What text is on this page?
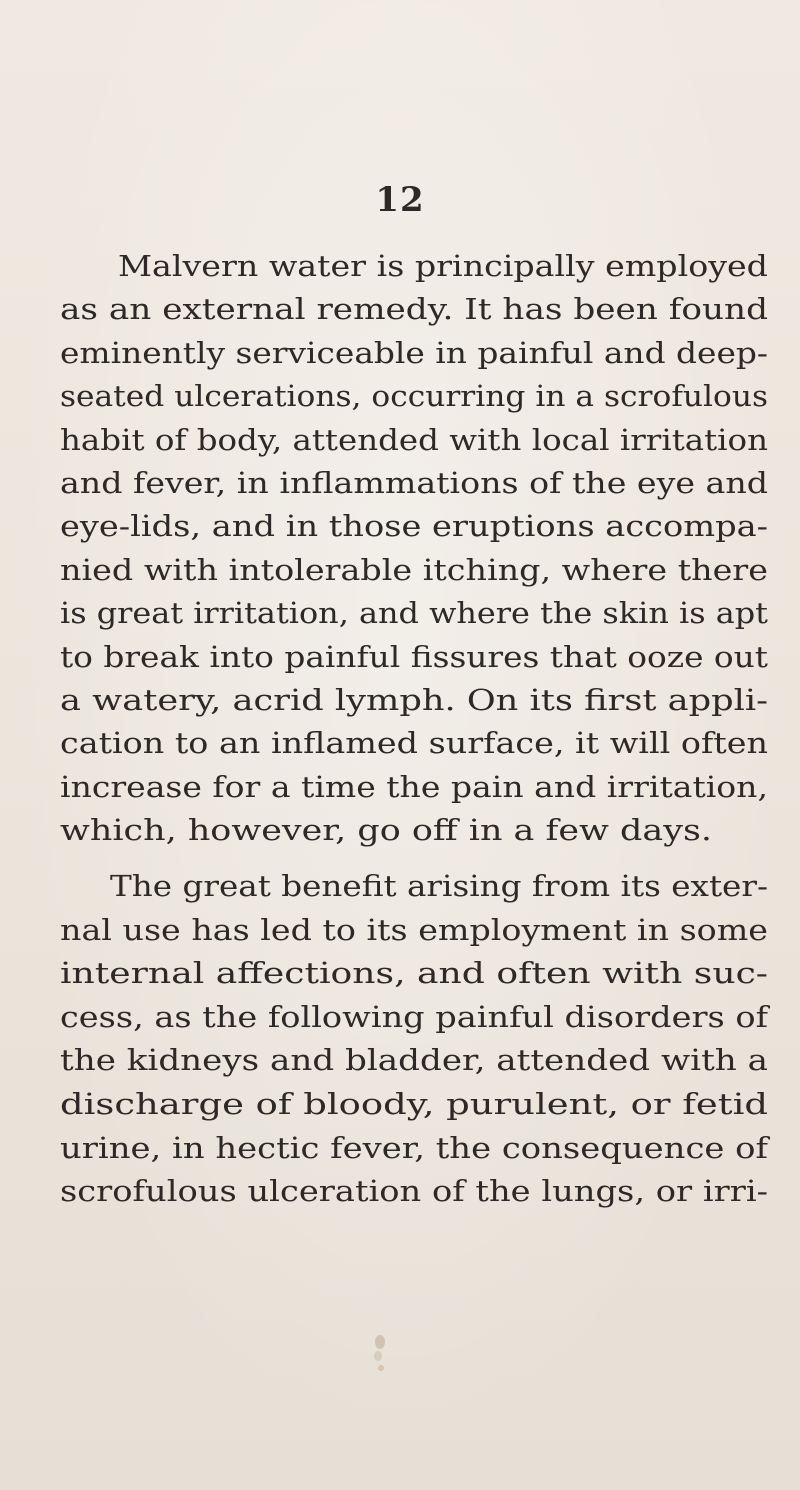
12
Malvern water is principally employed
as an external remedy. It has been found
eminently serviceable in painful and deep-
seated ulcerations, occurring in a scrofulous
habit of body, attended with local irritation
and fever, in inflammations of the eye and
eye-lids, and in those eruptions accompa-
nied with intolerable itching, where there
is great irritation, and where the skin is apt
to break into painful fissures that ooze out
a watery, acrid lymph. On its first appli-
cation to an inflamed surface, it will often
increase for a time the pain and irritation,
which, however, go off in a few days.
The great benefit arising from its exter-
nal use has led to its employment in some
internal affections, and often with suc-
cess, as the following painful disorders of
the kidneys and bladder, attended with a
discharge of bloody, purulent, or fetid
urine, in hectic fever, the consequence of
scrofulous ulceration of the lungs, or irri-
